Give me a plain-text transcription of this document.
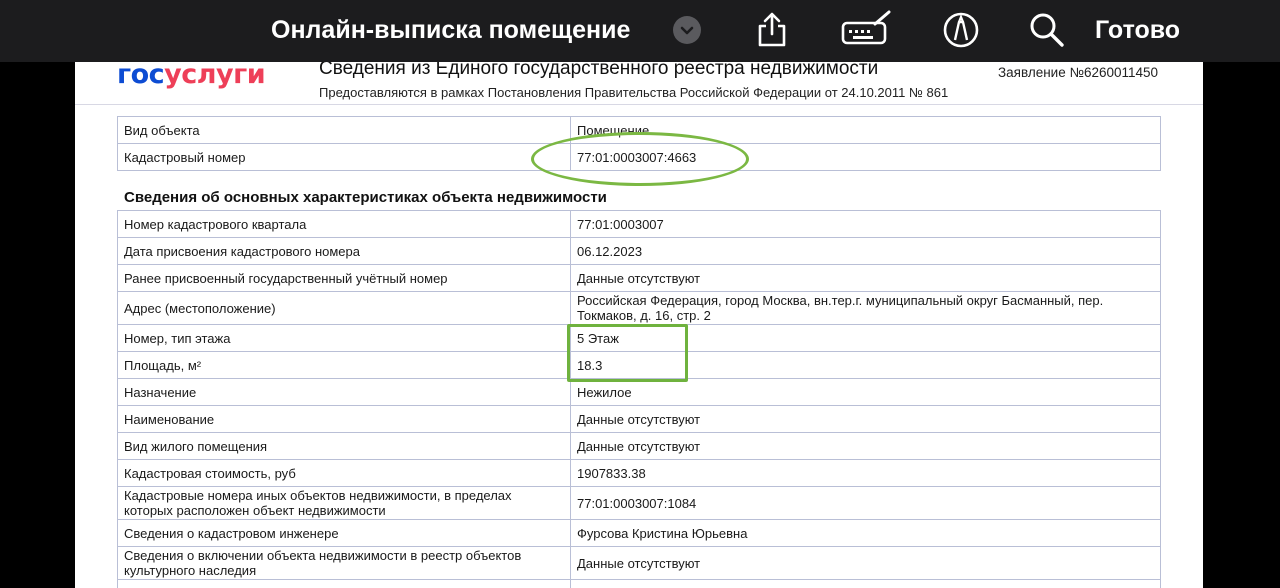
Онлайн-выписка помещение	Готово
госуслуги	Сведения из Единого государственного реестра недвижимости
Предоставляются в рамках Постановления Правительства Российской Федерации от 24.10.2011 № 861
Заявление №6260011450
Вид объекта	Помещение
Кадастровый номер	77:01:0003007:4663
Сведения об основных характеристиках объекта недвижимости
Номер кадастрового квартала	77:01:0003007
Дата присвоения кадастрового номера	06.12.2023
Ранее присвоенный государственный учётный номер	Данные отсутствуют
Адрес (местоположение)	Российская Федерация, город Москва, вн.тер.г. муниципальный округ Басманный, пер. Токмаков, д. 16, стр. 2
Номер, тип этажа	5 Этаж
Площадь, м²	18.3
Назначение	Нежилое
Наименование	Данные отсутствуют
Вид жилого помещения	Данные отсутствуют
Кадастровая стоимость, руб	1907833.38
Кадастровые номера иных объектов недвижимости, в пределах которых расположен объект недвижимости	77:01:0003007:1084
Сведения о кадастровом инженере	Фурсова Кристина Юрьевна
Сведения о включении объекта недвижимости в реестр объектов культурного наследия	Данные отсутствуют
